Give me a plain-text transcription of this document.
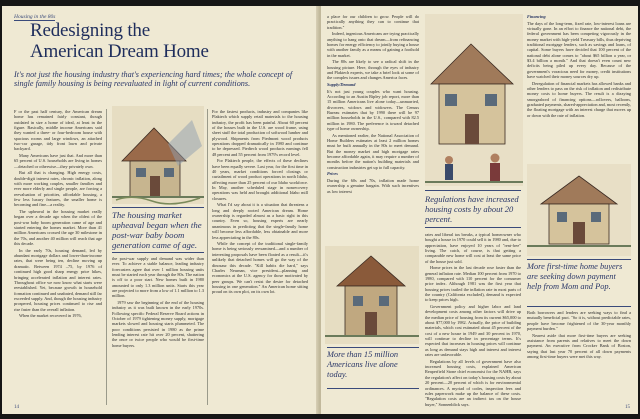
Housing in the 80s
Redesigning the
American Dream Home
It's not just the housing industry that's experiencing hard times; the whole concept of single family housing is being reevaluated in light of current conditions.

F or the past half century, the American dream home has remained fairly constant, though outdated in size a home of ideal, at least in the figure. Basically, middle income Americans said they wanted a three- or four-bedroom house with spacious rooms and large windows, an attached two-car garage, tidy front lawn and private backyard.

Many Americans have just that. And more than 65 percent of U.S. households are living in homes—detached or otherwise—they privately own.

But all that is changing. High energy costs, double-digit interest rates, chronic inflation, along with more working couples, smaller families and ever more elderly and single people, are forcing a reevaluation of priorities, affordable housing, a few less luxury features, the smaller home is becoming and fine—a reality.

The upheaval in the housing market really began over a decade ago when the oldest of the post-war baby boom generation came of age and started entering the homes market. More than 41 million Americans crossed the age 30 milestone in the 70s, and another 40 million will reach that age this decade.

In the early 70s, housing demand, led by abundant mortgage dollars and lower-than-income rates, that were being ten, decline moving up dramatic. Between 1974 –75, by 1976 of continued high good sharp energy price hikes, bringing accelerated inflation and interest rates. Throughout office we now know what starts were reestablished. Yet, because growth in household formation continued and unabated, demand still far exceeded supply. And, though the housing industry prospered, housing prices continued to rise and rise faster than the overall inflation.

When the market recovered in 1976,

For the fastest products, industry and companies like Plaktech which supply retail materials to the housing industry, the profit has been painful. About 60 percent of the houses built in the U.S. are wood frame, using sheet stuff the total production of softwood lumber and plywood. Shipments from Piedmont wood products operations dropped dramatically in 1980 and continue to be depressed. Piedtech wood products earnings fell 48 percent and 55 percent from 1979's record level.

For Plaktech people, the effects of these declines have been equally severe. Last year, for the first time in 40 years, market conditions forced closings or curtailment of wood product operations in north Idaho, affecting more than 25 percent of our Idaho workforce. In May, another scheduled stage in nonrecovery operations was held and brought additional Idaho mill closures.

What I'd say about it is a situation that threatens a long and deeply rooted American dream. Home ownership is regarded almost as a basic right in this country. Even so, housing experts are nearly unanimous in predicting that the single-family home will become less affordable, less obtainable and more less appreciating in the 80s.

While the concept of the traditional single-family home is being seriously reexamined—and a number of interesting proposals have been floated as a result—it's unlikely that detached homes will go the way of the dinosaur this decade. "Kill habits die hard," says Charles Neurnan, vice president—planning and economics at the U.S. agency for those motivated by peer groups. We can't resist the desire for detached housing in one generation." An American home sitting proud on its own plot, on its own lot.

The housing market upheaval began when the post-war baby boom generation came of age.

the post-war supply and demand was wider than ever. To achieve a stable balance, leading industry forecasters agree that over 1 million housing units must be started each year through the 80s. The nation is off to a poor start. New homes built in 1980 amounted to only 1.3 million units. Starts this year are projected to more from a low of 1.1 million to 1.3 million.

1979 saw the beginning of the end of the housing industry as it was built known in the early 1970s. Following specific Federal Reserve Board actions in October of 1979 tightening money supply, mortgage markets slowed and housing starts plummeted. The poor conditions persisted in 1980 as the prime lending interest rate hit over 20 percent, shattering the once or twice people who would be first-time home buyers.

14

a place for our children to grow. People will do practically anything they can to continue that tradition."

Indeed, ingenious Americans are trying practically anything to hang onto that dream—from refinancing homes for energy efficiency to jointly buying a house with another family as a means of gaining a foothold in the market.

The 80s are likely to see a radical shift in the housing picture. Here, through the eyes of industry and Plaktech experts, we take a brief look at some of the complex issues and changes America faces.

Supply/Demand

It's not just young couples who want housing. According to an Austin Ripley job report, more than 15 million Americans live alone today—unmarried, divorcees, widows and widowers. The Census Bureau estimates that by 1990 there will be 97 million households in the U.S., compared with 82.5 million in 1980. The preference is toward detached type of home ownership.

As mentioned earlier, the National Association of Home Builders estimates at least 2 million homes must be built annually in the 80s to meet demand. But the money market and high mortgage rates become affordable again, it may require a number of months before the nation's building materials and construction industries get up to full capacity.

Prices

During the 60s and 70s, inflation made home ownership a genuine bargain. With such incentives as low interest

Regulations have increased housing costs by about 20 percent.

rates and liberal tax breaks, a typical homeowner who bought a house in 1970 could sell it in 1980 and, due to appreciation, have enjoyed 10 years of "rent-free" living. The catch, of course, is that getting a comparable new home will cost at least the same price of the house just sold.

Home prices in the last decade rose faster than the general inflation rate. Median 100 percent from 1970 to 1980, compared with 110 percent for the consumer price index. Although 1981 was the first year that housing prices trailed the inflation rate in most parts of the country (California excluded), demand is expected to keep prices high.

Government policy and higher labor and land development costs among other factors will drive up the median price of housing from its current $65,000 to about $77,000 by 1982. Actually, the price of building materials, which cost estimated about 45 percent of the cost of a new house in 1949 and 30 percent in 1970, will continue to decline in percentage terms. It's expected that increases in housing prices will continue as long as demand stays high and interest and interest rates are unfavorable.

Regulations by all levels of government have also increased housing costs, explained American Reaperfield Stone chief economist for the NAHB, says the regulation's affect on today's housing costs by about 20 percent—20 percent of which is for environmental ordinances. A myriad of codes, inspection fees and rules paperwork make up the balance of these costs. "Regulation costs are an indirect tax on the house buyer," Sonnenblick says.

More than 15 million Americans live alone today.

Financing

The days of the long-term, fixed rate, low-interest loans are virtually gone. In an effort to finance the national debt, the federal government has been competing vigorously in the money market with high-yield Treasury bills, thus depriving traditional mortgage lenders, such as savings and loans, of capital. Some buyers have decided that 100 percent of the national debt alone comes to "about $65 billion a year, or $3.4 billion a month." And that doesn't even count new deficits being piled up every day. Because of the government's voracious need for money, credit institutions have watched their money sources dry up.

Deregulation of financial markets has allowed banks and other lenders to pass on the risk of inflation and redistribute money costs to home buyers. The result is a dizzying smorgasbord of financing options—rollovers, balloons, graduated payments, shared-appreciation and, most recently, the floating mortgage with an interest charge that moves up or down with the rate of inflation.

More first-time home buyers are seeking down payment help from Mom and Pop.

Both borrowers and lenders are seeking ways to find a mutually beneficial pact. "So it is, without predictable rates, people have become frightened of the 30-year monthly payment burden."

Nearest aside that more first-time buyers are seeking assistance from parents and relatives to meet the down payment. An executive from Crocker Bank of Boston, saying that last year 70 percent of all down payments among first-time buyers were met this way.

15
